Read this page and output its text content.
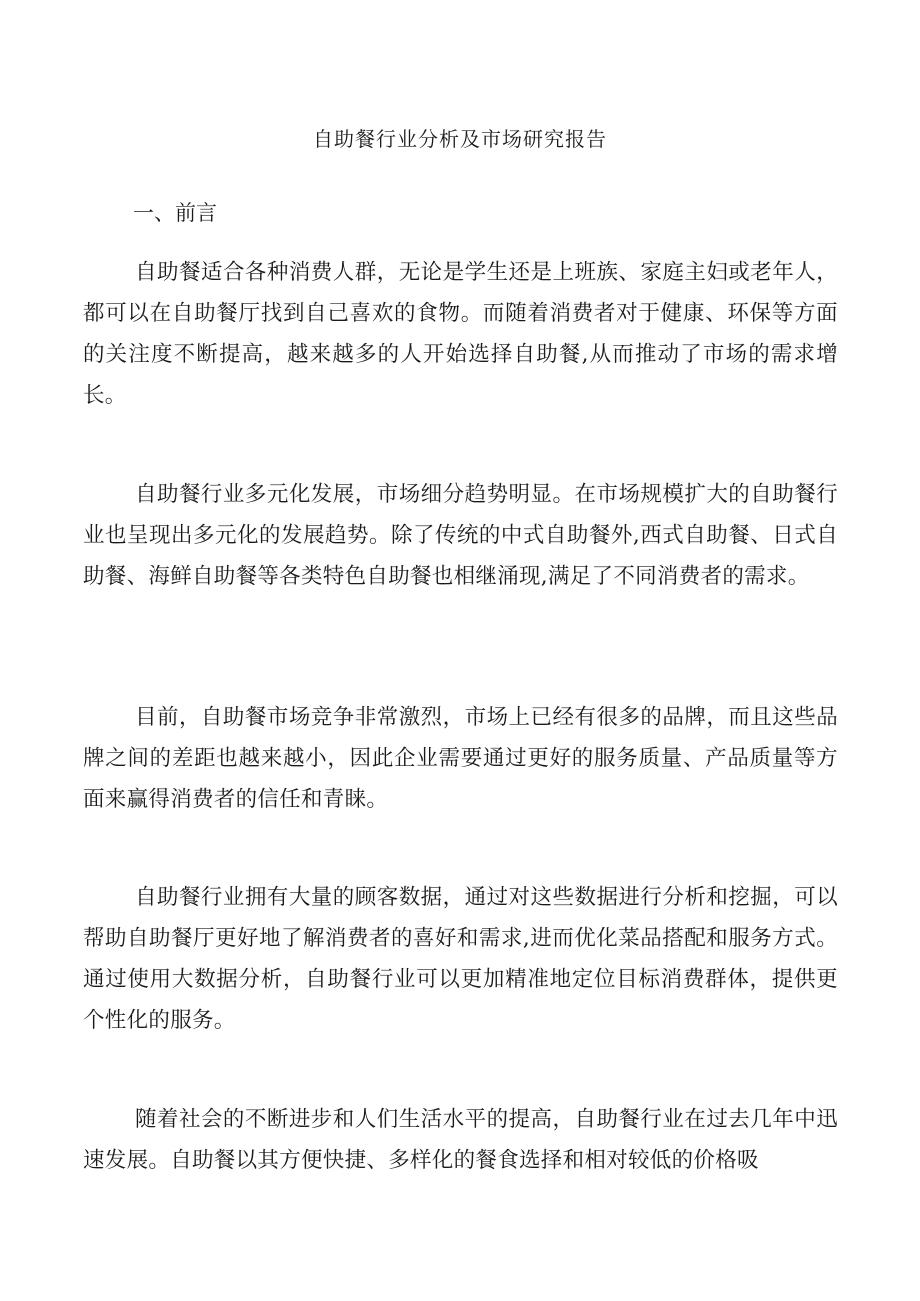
自助餐行业分析及市场研究报告
一、前言

自助餐适合各种消费人群，无论是学生还是上班族、家庭主妇或老年人，都可以在自助餐厅找到自己喜欢的食物。而随着消费者对于健康、环保等方面的关注度不断提高，越来越多的人开始选择自助餐,从而推动了市场的需求增长。

自助餐行业多元化发展，市场细分趋势明显。在市场规模扩大的自助餐行业也呈现出多元化的发展趋势。除了传统的中式自助餐外,西式自助餐、日式自助餐、海鲜自助餐等各类特色自助餐也相继涌现,满足了不同消费者的需求。

目前，自助餐市场竞争非常激烈，市场上已经有很多的品牌，而且这些品牌之间的差距也越来越小，因此企业需要通过更好的服务质量、产品质量等方面来赢得消费者的信任和青睐。

自助餐行业拥有大量的顾客数据，通过对这些数据进行分析和挖掘，可以帮助自助餐厅更好地了解消费者的喜好和需求,进而优化菜品搭配和服务方式。通过使用大数据分析，自助餐行业可以更加精准地定位目标消费群体，提供更个性化的服务。

随着社会的不断进步和人们生活水平的提高，自助餐行业在过去几年中迅速发展。自助餐以其方便快捷、多样化的餐食选择和相对较低的价格吸
